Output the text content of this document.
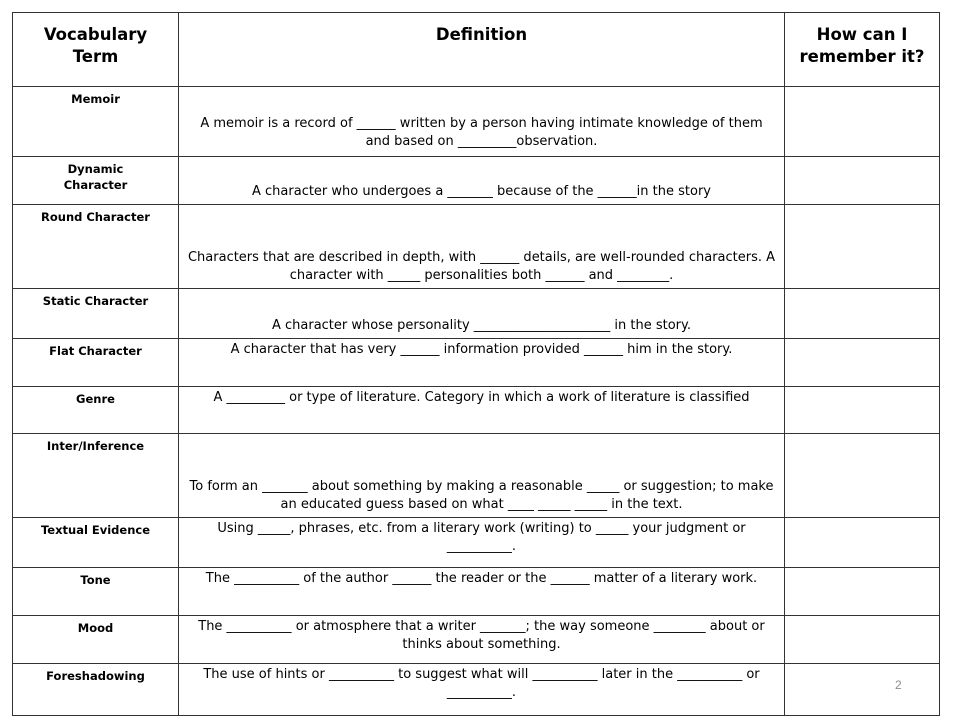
Vocabulary Term	Definition	How can I remember it?
Memoir	A memoir is a record of ______ written by a person having intimate knowledge of them and based on _________observation.	
Dynamic Character	A character who undergoes a _______ because of the ______in the story	
Round Character	Characters that are described in depth, with ______ details, are well-rounded characters. A character with _____ personalities both ______ and ________.	
Static Character	A character whose personality _____________________ in the story.	
Flat Character	A character that has very ______ information provided ______ him in the story.	
Genre	A _________ or type of literature. Category in which a work of literature is classified	
Inter/Inference	To form an _______ about something by making a reasonable _____ or suggestion; to make an educated guess based on what ____ _____ _____ in the text.	
Textual Evidence	Using _____, phrases, etc. from a literary work (writing) to _____ your judgment or __________.	
Tone	The __________ of the author ______ the reader or the ______ matter of a literary work.	
Mood	The __________ or atmosphere that a writer _______; the way someone ________ about or thinks about something.	
Foreshadowing	The use of hints or __________ to suggest what will __________ later in the __________ or __________.		2
